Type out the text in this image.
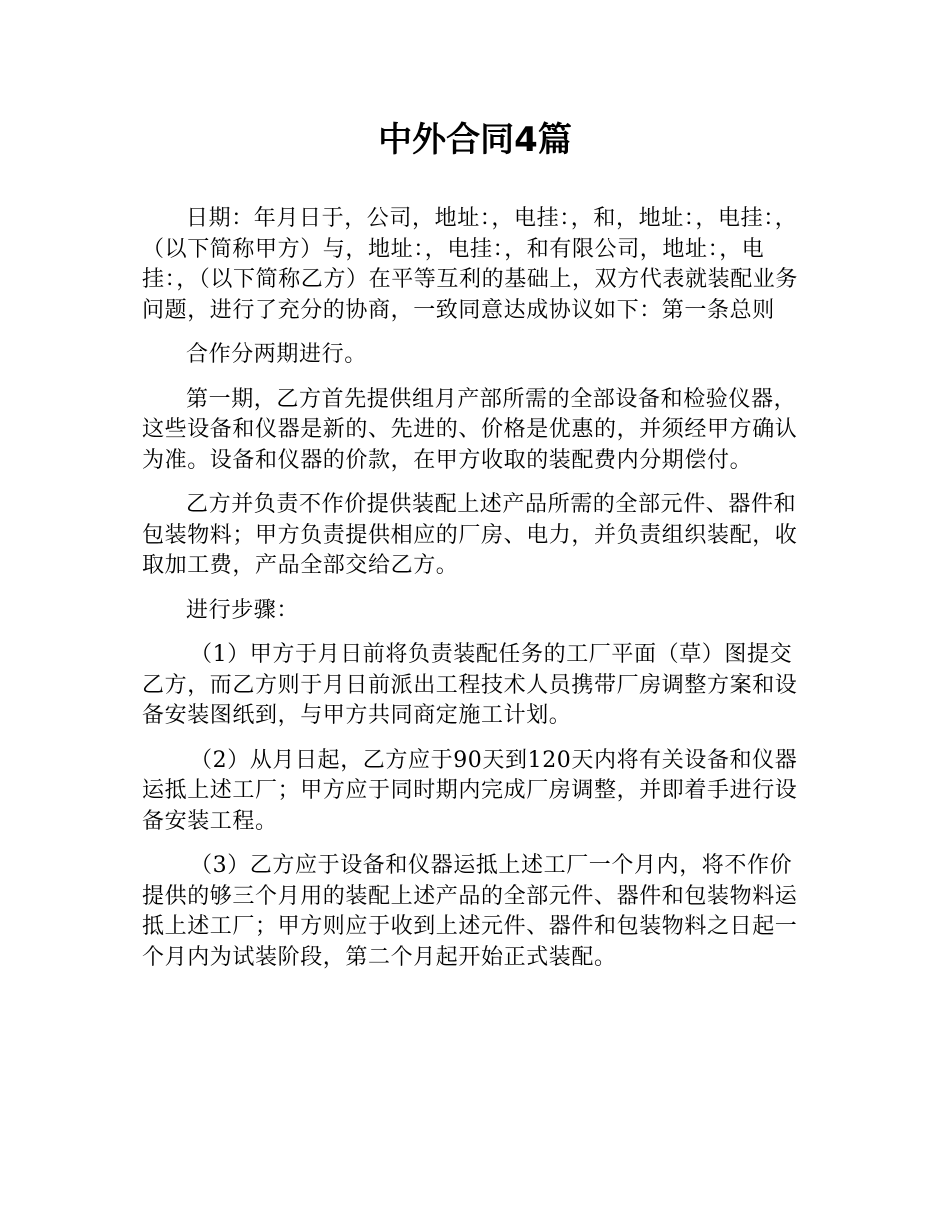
中外合同4篇

日期：年月日于，公司，地址：，电挂：，和，地址：，电挂：，（以下简称甲方）与，地址：，电挂：，和有限公司，地址：，电挂：，（以下简称乙方）在平等互利的基础上，双方代表就装配业务问题，进行了充分的协商，一致同意达成协议如下：第一条总则

合作分两期进行。

第一期，乙方首先提供组月产部所需的全部设备和检验仪器，这些设备和仪器是新的、先进的、价格是优惠的，并须经甲方确认为准。设备和仪器的价款，在甲方收取的装配费内分期偿付。

乙方并负责不作价提供装配上述产品所需的全部元件、器件和包装物料；甲方负责提供相应的厂房、电力，并负责组织装配，收取加工费，产品全部交给乙方。

进行步骤：

（1）甲方于月日前将负责装配任务的工厂平面（草）图提交乙方，而乙方则于月日前派出工程技术人员携带厂房调整方案和设备安装图纸到，与甲方共同商定施工计划。

（2）从月日起，乙方应于90天到120天内将有关设备和仪器运抵上述工厂；甲方应于同时期内完成厂房调整，并即着手进行设备安装工程。

（3）乙方应于设备和仪器运抵上述工厂一个月内，将不作价提供的够三个月用的装配上述产品的全部元件、器件和包装物料运抵上述工厂；甲方则应于收到上述元件、器件和包装物料之日起一个月内为试装阶段，第二个月起开始正式装配。
